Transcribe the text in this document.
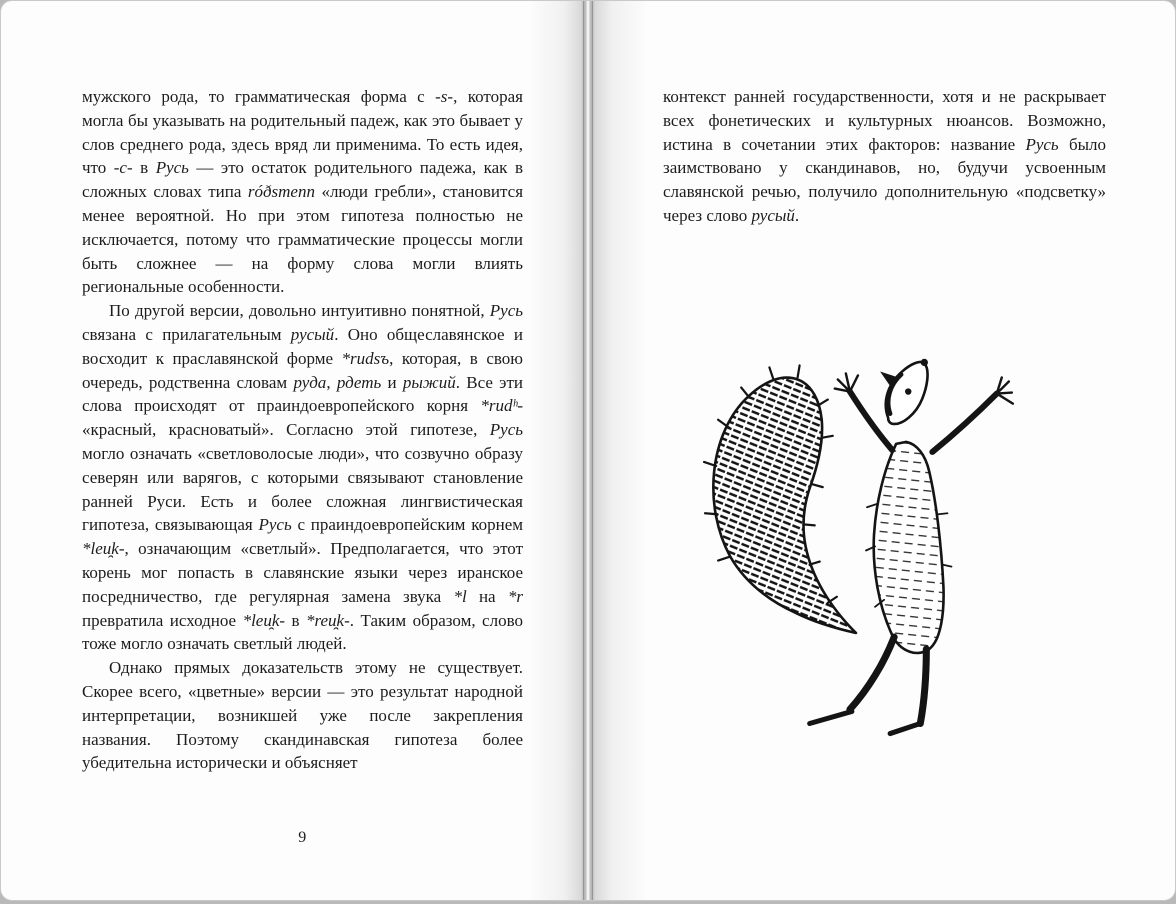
мужского рода, то грамматическая форма с -s-, которая могла бы указывать на родительный падеж, как это бывает у слов среднего рода, здесь вряд ли применима. То есть идея, что -с- в Русь — это остаток родительного падежа, как в сложных словах типа róðsmenn «люди гребли», становится менее вероятной. Но при этом гипотеза полностью не исключается, потому что грамматические процессы могли быть сложнее — на форму слова могли влиять региональные особенности.

По другой версии, довольно интуитивно понятной, Русь связана с прилагательным русый. Оно общеславянское и восходит к праславянской форме *rudsъ, которая, в свою очередь, родственна словам руда, рдеть и рыжий. Все эти слова происходят от праиндоевропейского корня *rudʰ- «красный, красноватый». Согласно этой гипотезе, Русь могло означать «светловолосые люди», что созвучно образу северян или варягов, с которыми связывают становление ранней Руси. Есть и более сложная лингвистическая гипотеза, связывающая Русь с праиндоевропейским корнем *leu̯k-, означающим «светлый». Предполагается, что этот корень мог попасть в славянские языки через иранское посредничество, где регулярная замена звука *l на *r превратила исходное *leu̯k- в *reu̯k-. Таким образом, слово тоже могло означать светлый людей.

Однако прямых доказательств этому не существует. Скорее всего, «цветные» версии — это результат народной интерпретации, возникшей уже после закрепления названия. Поэтому скандинавская гипотеза более убедительна исторически и объясняет

9

контекст ранней государственности, хотя и не раскрывает всех фонетических и культурных нюансов. Возможно, истина в сочетании этих факторов: название Русь было заимствовано у скандинавов, но, будучи усвоенным славянской речью, получило дополнительную «подсветку» через слово русый.
